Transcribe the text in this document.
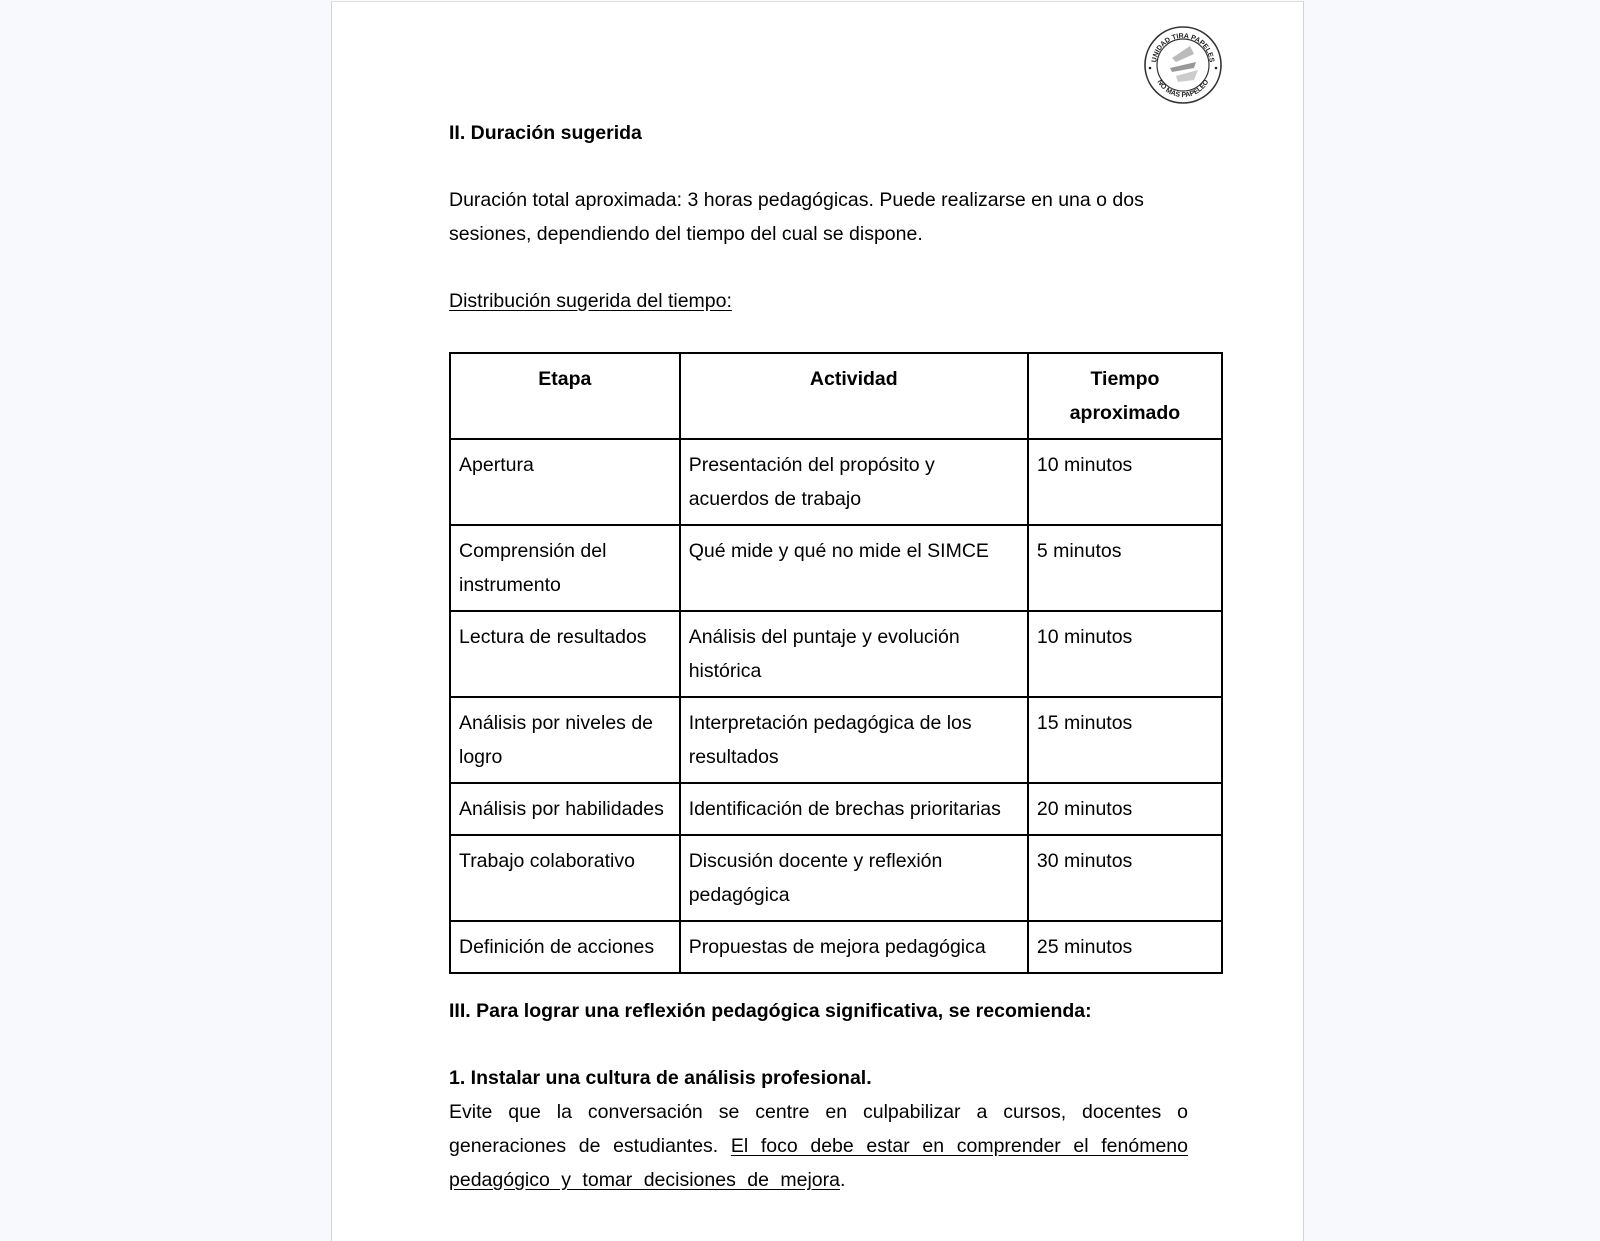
UNIDAD TIRA PAPELES
NO MÁS PAPELEO

II. Duración sugerida

Duración total aproximada: 3 horas pedagógicas. Puede realizarse en una o dos sesiones, dependiendo del tiempo del cual se dispone.

Distribución sugerida del tiempo:

Etapa	Actividad	Tiempo aproximado
Apertura	Presentación del propósito y acuerdos de trabajo	10 minutos
Comprensión del instrumento	Qué mide y qué no mide el SIMCE	5 minutos
Lectura de resultados	Análisis del puntaje y evolución histórica	10 minutos
Análisis por niveles de logro	Interpretación pedagógica de los resultados	15 minutos
Análisis por habilidades	Identificación de brechas prioritarias	20 minutos
Trabajo colaborativo	Discusión docente y reflexión pedagógica	30 minutos
Definición de acciones	Propuestas de mejora pedagógica	25 minutos

III. Para lograr una reflexión pedagógica significativa, se recomienda:

1. Instalar una cultura de análisis profesional.

Evite que la conversación se centre en culpabilizar a cursos, docentes o generaciones de estudiantes. El foco debe estar en comprender el fenómeno pedagógico y tomar decisiones de mejora.
